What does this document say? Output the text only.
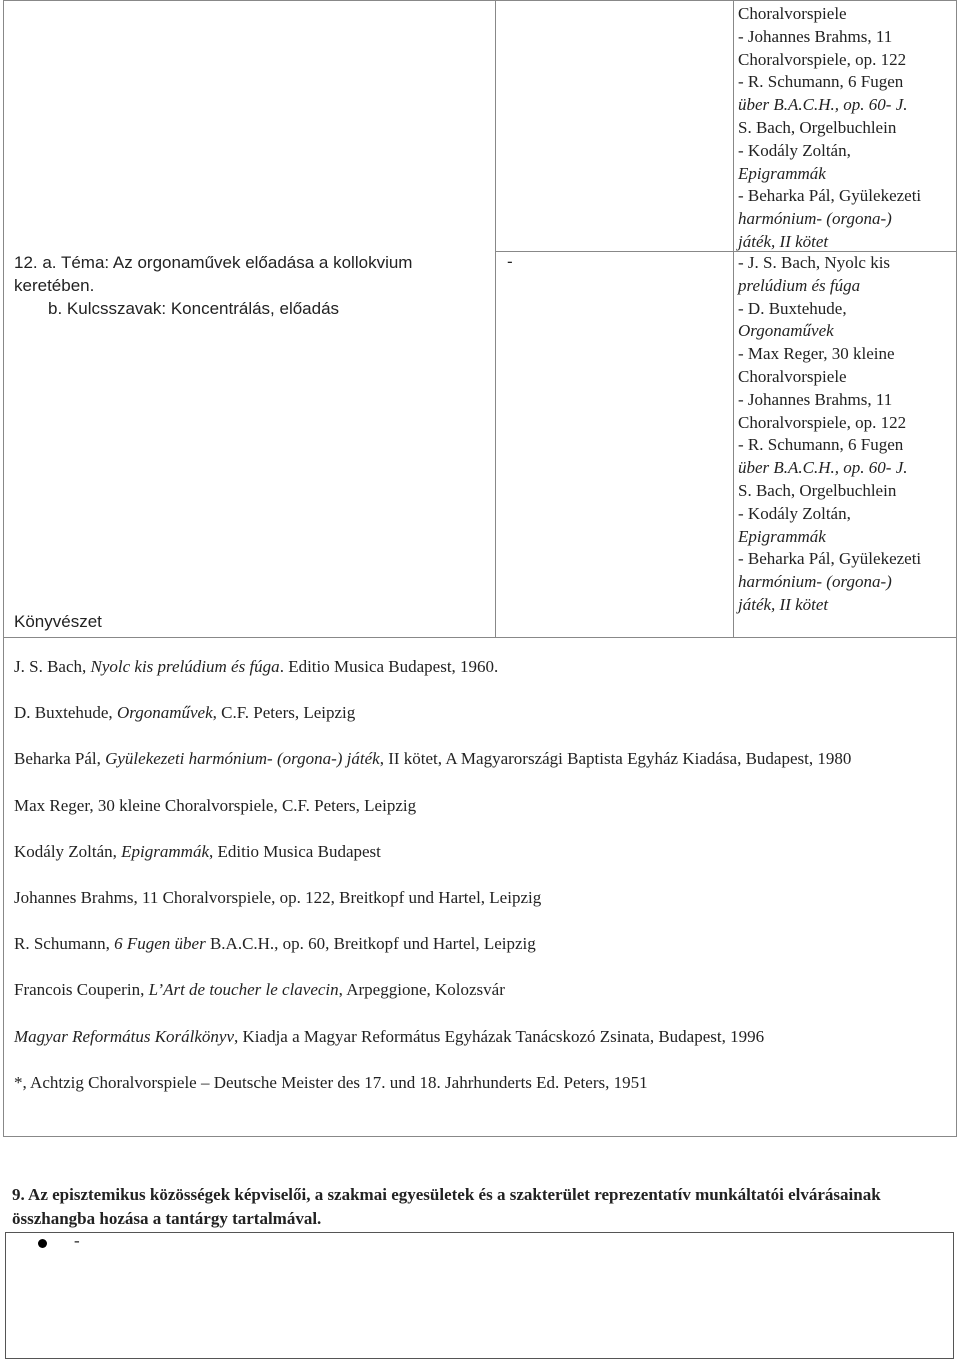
Choralvorspiele
- Johannes Brahms, 11
Choralvorspiele, op. 122
- R. Schumann, 6 Fugen
über B.A.C.H., op. 60- J.
S. Bach, Orgelbuchlein
- Kodály Zoltán,
Epigrammák
- Beharka Pál, Gyülekezeti
harmónium- (orgona-)
játék, II kötet
12. a. Téma: Az orgonaművek előadása a kollokvium
keretében.
b. Kulcsszavak: Koncentrálás, előadás
-	- J. S. Bach, Nyolc kis
prelúdium és fúga
- D. Buxtehude,
Orgonaművek
- Max Reger, 30 kleine
Choralvorspiele
- Johannes Brahms, 11
Choralvorspiele, op. 122
- R. Schumann, 6 Fugen
über B.A.C.H., op. 60- J.
S. Bach, Orgelbuchlein
- Kodály Zoltán,
Epigrammák
- Beharka Pál, Gyülekezeti
harmónium- (orgona-)
játék, II kötet
Könyvészet

J. S. Bach, Nyolc kis prelúdium és fúga. Editio Musica Budapest, 1960.

D. Buxtehude, Orgonaművek, C.F. Peters, Leipzig

Beharka Pál, Gyülekezeti harmónium- (orgona-) játék, II kötet, A Magyarországi Baptista Egyház Kiadása, Budapest, 1980

Max Reger, 30 kleine Choralvorspiele, C.F. Peters, Leipzig

Kodály Zoltán, Epigrammák, Editio Musica Budapest

Johannes Brahms, 11 Choralvorspiele, op. 122, Breitkopf und Hartel, Leipzig

R. Schumann, 6 Fugen über B.A.C.H., op. 60, Breitkopf und Hartel, Leipzig

Francois Couperin, L’Art de toucher le clavecin, Arpeggione, Kolozsvár

Magyar Református Korálkönyv, Kiadja a Magyar Református Egyházak Tanácskozó Zsinata, Budapest, 1996

*, Achtzig Choralvorspiele – Deutsche Meister des 17. und 18. Jahrhunderts Ed. Peters, 1951

9. Az episztemikus közösségek képviselői, a szakmai egyesületek és a szakterület reprezentatív munkáltatói elvárásainak összhangba hozása a tantárgy tartalmával.
-
